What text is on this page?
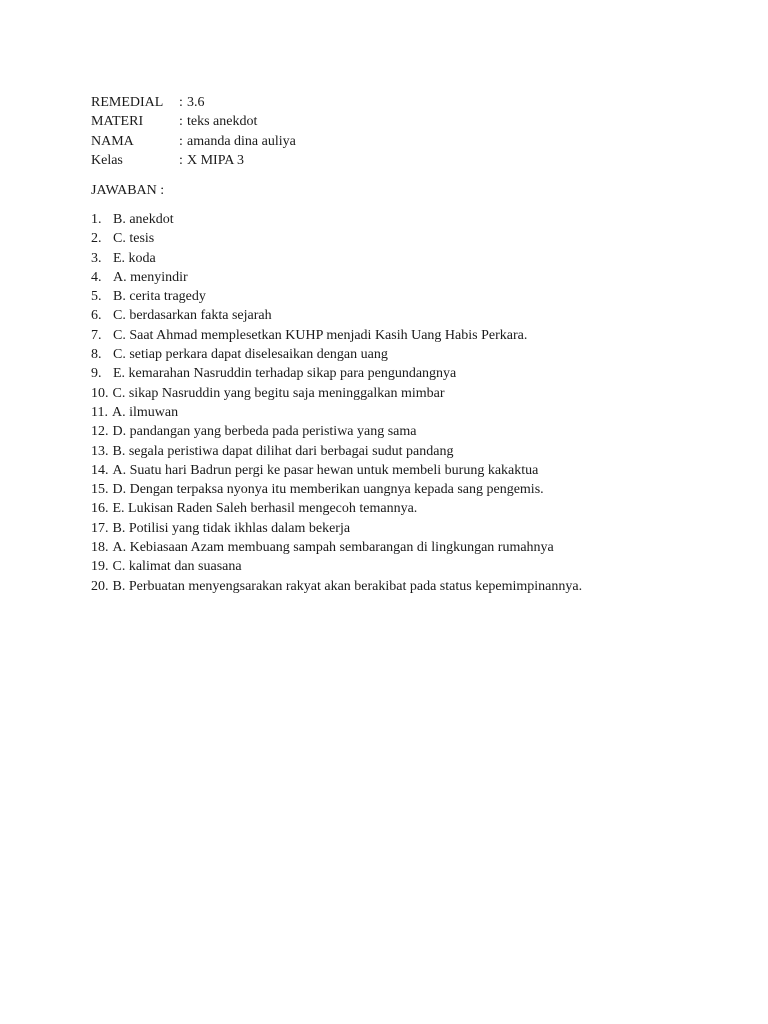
REMEDIAL : 3.6
MATERI	: teks anekdot
NAMA	: amanda dina auliya
Kelas	: X MIPA 3
JAWABAN :
1. B. anekdot
2. C. tesis
3. E. koda
4. A. menyindir
5. B. cerita tragedy
6. C. berdasarkan fakta sejarah
7. C. Saat Ahmad memplesetkan KUHP menjadi Kasih Uang Habis Perkara.
8. C. setiap perkara dapat diselesaikan dengan uang
9. E. kemarahan Nasruddin terhadap sikap para pengundangnya
10. C. sikap Nasruddin yang begitu saja meninggalkan mimbar
11. A. ilmuwan
12. D. pandangan yang berbeda pada peristiwa yang sama
13. B. segala peristiwa dapat dilihat dari berbagai sudut pandang
14. A. Suatu hari Badrun pergi ke pasar hewan untuk membeli burung kakaktua
15. D. Dengan terpaksa nyonya itu memberikan uangnya kepada sang pengemis.
16. E. Lukisan Raden Saleh berhasil mengecoh temannya.
17. B. Potilisi yang tidak ikhlas dalam bekerja
18. A. Kebiasaan Azam membuang sampah sembarangan di lingkungan rumahnya
19. C. kalimat dan suasana
20. B. Perbuatan menyengsarakan rakyat akan berakibat pada status kepemimpinannya.
